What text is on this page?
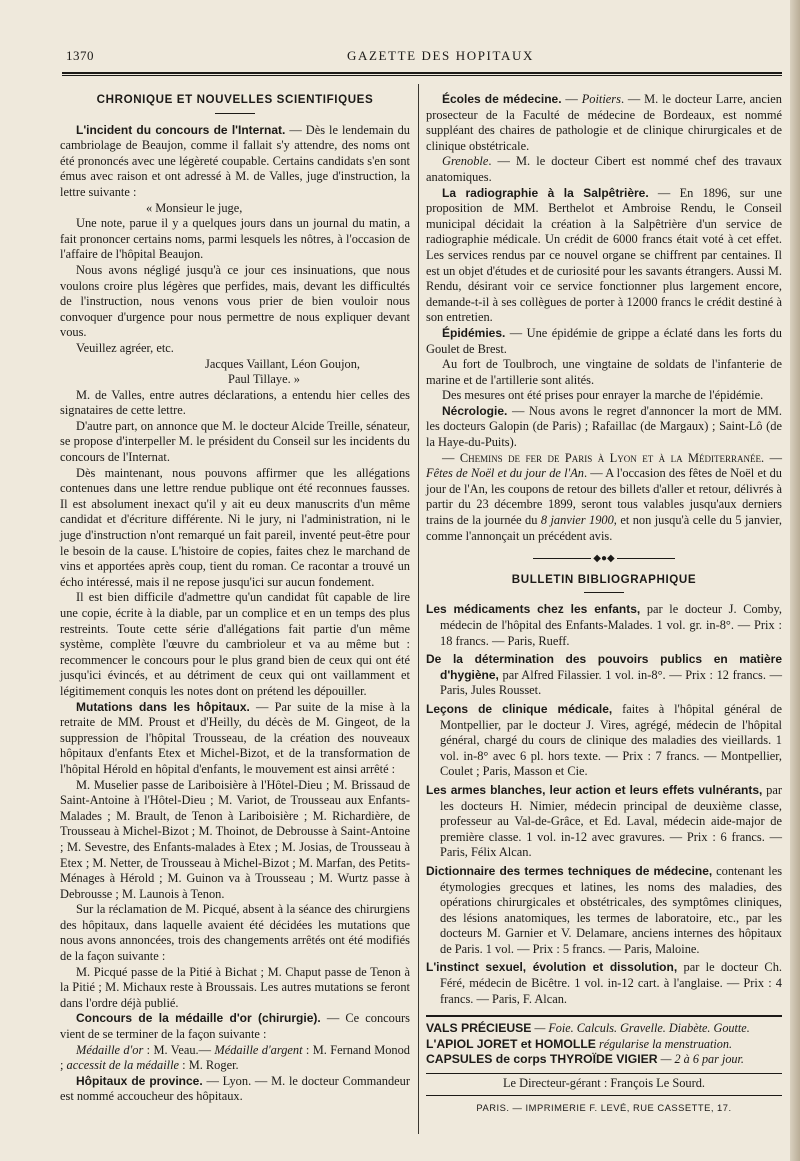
1370	GAZETTE DES HOPITAUX
CHRONIQUE ET NOUVELLES SCIENTIFIQUES

L'incident du concours de l'Internat. — Dès le lendemain du cambriolage de Beaujon, comme il fallait s'y attendre, des noms ont été prononcés avec une légèreté coupable. Certains candidats s'en sont émus avec raison et ont adressé à M. de Valles, juge d'instruction, la lettre suivante :

« Monsieur le juge,

Une note, parue il y a quelques jours dans un journal du matin, a fait prononcer certains noms, parmi lesquels les nôtres, à l'occasion de l'affaire de l'hôpital Beaujon.

Nous avons négligé jusqu'à ce jour ces insinuations, que nous voulons croire plus légères que perfides, mais, devant les difficultés de l'instruction, nous venons vous prier de bien vouloir nous convoquer d'urgence pour nous permettre de nous expliquer devant vous.

Veuillez agréer, etc.

Jacques Vaillant, Léon Goujon,

Paul Tillaye. »

M. de Valles, entre autres déclarations, a entendu hier celles des signataires de cette lettre.

D'autre part, on annonce que M. le docteur Alcide Treille, sénateur, se propose d'interpeller M. le président du Conseil sur les incidents du concours de l'Internat.

Dès maintenant, nous pouvons affirmer que les allégations contenues dans une lettre rendue publique ont été reconnues fausses. Il est absolument inexact qu'il y ait eu deux manuscrits d'un même candidat et d'écriture différente. Ni le jury, ni l'administration, ni le juge d'instruction n'ont remarqué un fait pareil, inventé peut-être pour le besoin de la cause. L'histoire de copies, faites chez le marchand de vins et apportées après coup, tient du roman. Ce racontar a trouvé un écho intéressé, mais il ne repose jusqu'ici sur aucun fondement.

Il est bien difficile d'admettre qu'un candidat fût capable de lire une copie, écrite à la diable, par un complice et en un temps des plus restreints. Toute cette série d'allégations fait partie d'un même système, complète l'œuvre du cambrioleur et va au même but : recommencer le concours pour le plus grand bien de ceux qui ont été jusqu'ici évincés, et au détriment de ceux qui ont vaillamment et légitimement conquis les notes dont on prétend les dépouiller.

Mutations dans les hôpitaux. — Par suite de la mise à la retraite de MM. Proust et d'Heilly, du décès de M. Gingeot, de la suppression de l'hôpital Trousseau, de la création des nouveaux hôpitaux d'enfants Etex et Michel-Bizot, et de la transformation de l'hôpital Hérold en hôpital d'enfants, le mouvement est ainsi arrêté :

M. Muselier passe de Lariboisière à l'Hôtel-Dieu ; M. Brissaud de Saint-Antoine à l'Hôtel-Dieu ; M. Variot, de Trousseau aux Enfants-Malades ; M. Brault, de Tenon à Lariboisière ; M. Richardière, de Trousseau à Michel-Bizot ; M. Thoinot, de Debrousse à Saint-Antoine ; M. Sevestre, des Enfants-malades à Etex ; M. Josias, de Trousseau à Etex ; M. Netter, de Trousseau à Michel-Bizot ; M. Marfan, des Petits-Ménages à Hérold ; M. Guinon va à Trousseau ; M. Wurtz passe à Debrousse ; M. Launois à Tenon.

Sur la réclamation de M. Picqué, absent à la séance des chirurgiens des hôpitaux, dans laquelle avaient été décidées les mutations que nous avons annoncées, trois des changements arrêtés ont été modifiés de la façon suivante :

M. Picqué passe de la Pitié à Bichat ; M. Chaput passe de Tenon à la Pitié ; M. Michaux reste à Broussais. Les autres mutations se feront dans l'ordre déjà publié.

Concours de la médaille d'or (chirurgie). — Ce concours vient de se terminer de la façon suivante :

Médaille d'or : M. Veau.— Médaille d'argent : M. Fernand Monod ; accessit de la médaille : M. Roger.

Hôpitaux de province. — Lyon. — M. le docteur Commandeur est nommé accoucheur des hôpitaux.

Écoles de médecine. — Poitiers. — M. le docteur Larre, ancien prosecteur de la Faculté de médecine de Bordeaux, est nommé suppléant des chaires de pathologie et de clinique chirurgicales et de clinique obstétricale.

Grenoble. — M. le docteur Cibert est nommé chef des travaux anatomiques.

La radiographie à la Salpêtrière. — En 1896, sur une proposition de MM. Berthelot et Ambroise Rendu, le Conseil municipal décidait la création à la Salpêtrière d'un service de radiographie médicale. Un crédit de 6000 francs était voté à cet effet. Les services rendus par ce nouvel organe se chiffrent par centaines. Il est un objet d'études et de curiosité pour les savants étrangers. Aussi M. Rendu, désirant voir ce service fonctionner plus largement encore, demande-t-il à ses collègues de porter à 12000 francs le crédit destiné à son entretien.

Épidémies. — Une épidémie de grippe a éclaté dans les forts du Goulet de Brest.

Au fort de Toulbroch, une vingtaine de soldats de l'infanterie de marine et de l'artillerie sont alités.

Des mesures ont été prises pour enrayer la marche de l'épidémie.

Nécrologie. — Nous avons le regret d'annoncer la mort de MM. les docteurs Galopin (de Paris) ; Rafaillac (de Margaux) ; Saint-Lô (de la Haye-du-Puits).

— Chemins de fer de Paris à Lyon et à la Méditerranée. — Fêtes de Noël et du jour de l'An. — A l'occasion des fêtes de Noël et du jour de l'An, les coupons de retour des billets d'aller et retour, délivrés à partir du 23 décembre 1899, seront tous valables jusqu'aux derniers trains de la journée du 8 janvier 1900, et non jusqu'à celle du 5 janvier, comme l'annonçait un précédent avis.

◆●◆
BULLETIN BIBLIOGRAPHIQUE

Les médicaments chez les enfants, par le docteur J. Comby, médecin de l'hôpital des Enfants-Malades. 1 vol. gr. in-8°. — Prix : 18 francs. — Paris, Rueff.

De la détermination des pouvoirs publics en matière d'hygiène, par Alfred Filassier. 1 vol. in-8°. — Prix : 12 francs. — Paris, Jules Rousset.

Leçons de clinique médicale, faites à l'hôpital général de Montpellier, par le docteur J. Vires, agrégé, médecin de l'hôpital général, chargé du cours de clinique des maladies des vieillards. 1 vol. in-8° avec 6 pl. hors texte. — Prix : 7 francs. — Montpellier, Coulet ; Paris, Masson et Cie.

Les armes blanches, leur action et leurs effets vulnérants, par les docteurs H. Nimier, médecin principal de deuxième classe, professeur au Val-de-Grâce, et Ed. Laval, médecin aide-major de première classe. 1 vol. in-12 avec gravures. — Prix : 6 francs. — Paris, Félix Alcan.

Dictionnaire des termes techniques de médecine, contenant les étymologies grecques et latines, les noms des maladies, des opérations chirurgicales et obstétricales, des symptômes cliniques, des lésions anatomiques, les termes de laboratoire, etc., par les docteurs M. Garnier et V. Delamare, anciens internes des hôpitaux de Paris. 1 vol. — Prix : 5 francs. — Paris, Maloine.

L'instinct sexuel, évolution et dissolution, par le docteur Ch. Féré, médecin de Bicêtre. 1 vol. in-12 cart. à l'anglaise. — Prix : 4 francs. — Paris, F. Alcan.

VALS PRÉCIEUSE — Foie. Calculs. Gravelle. Diabète. Goutte.
L'APIOL JORET et HOMOLLE régularise la menstruation.
CAPSULES de corps THYROÏDE VIGIER — 2 à 6 par jour.
Le Directeur-gérant : François Le Sourd.
PARIS. — IMPRIMERIE F. LEVÉ, RUE CASSETTE, 17.
